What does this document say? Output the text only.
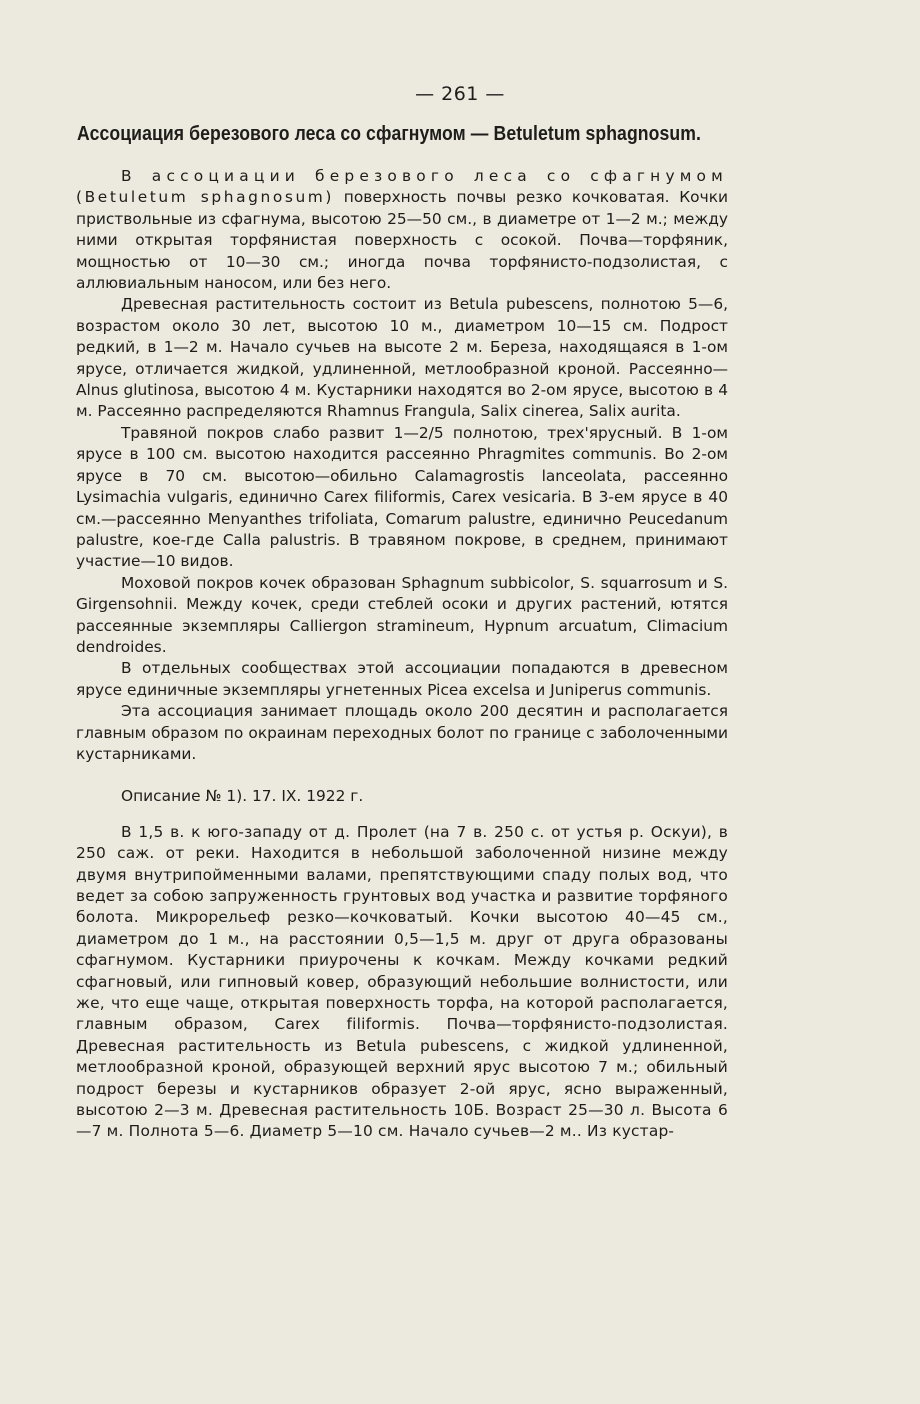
— 261 —
Ассоциация березового леса со сфагнумом — Betuletum sphagnosum.

В ассоциации березового леса со сфагнумом (Betuletum sphagnosum) поверхность почвы резко кочковатая. Кочки приствольные из сфагнума, высотою 25—50 см., в диаметре от 1—2 м.; между ними открытая торфянистая поверхность с осокой. Почва—торфяник, мощностью от 10—30 см.; иногда почва торфянисто-подзолистая, с аллювиальным наносом, или без него.

Древесная растительность состоит из Betula pubescens, полнотою 5—6, возрастом около 30 лет, высотою 10 м., диаметром 10—15 см. Подрост редкий, в 1—2 м. Начало сучьев на высоте 2 м. Береза, находящаяся в 1-ом ярусе, отличается жидкой, удлиненной, метлообразной кроной. Рассеянно—Alnus glutinosa, высотою 4 м. Кустарники находятся во 2-ом ярусе, высотою в 4 м. Рассеянно распределяются Rhamnus Frangula, Salix cinerea, Salix aurita.

Травяной покров слабо развит 1—2/5 полнотою, трех'ярусный. В 1-ом ярусе в 100 см. высотою находится рассеянно Phragmites communis. Во 2-ом ярусе в 70 см. высотою—обильно Calamagrostis lanceolata, рассеянно Lysimachia vulgaris, единично Carex filiformis, Carex vesicaria. В 3-ем ярусе в 40 см.—рассеянно Menyanthes trifoliata, Comarum palustre, единично Peucedanum palustre, кое-где Calla palustris. В травяном покрове, в среднем, принимают участие—10 видов.

Моховой покров кочек образован Sphagnum subbicolor, S. squarrosum и S. Girgensohnii. Между кочек, среди стеблей осоки и других растений, ютятся рассеянные экземпляры Calliergon stramineum, Hypnum arcuatum, Climacium dendroides.

В отдельных сообществах этой ассоциации попадаются в древесном ярусе единичные экземпляры угнетенных Picea excelsa и Juniperus communis.

Эта ассоциация занимает площадь около 200 десятин и располагается главным образом по окраинам переходных болот по границе с заболоченными кустарниками.

Описание № 1). 17. IX. 1922 г.

В 1,5 в. к юго-западу от д. Пролет (на 7 в. 250 с. от устья р. Оскуи), в 250 саж. от реки. Находится в небольшой заболоченной низине между двумя внутрипойменными валами, препятствующими спаду полых вод, что ведет за собою запруженность грунтовых вод участка и развитие торфяного болота. Микрорельеф резко—кочковатый. Кочки высотою 40—45 см., диаметром до 1 м., на расстоянии 0,5—1,5 м. друг от друга образованы сфагнумом. Кустарники приурочены к кочкам. Между кочками редкий сфагновый, или гипновый ковер, образующий небольшие волнистости, или же, что еще чаще, открытая поверхность торфа, на которой располагается, главным образом, Carex filiformis. Почва—торфянисто-подзолистая. Древесная растительность из Betula pubescens, с жидкой удлиненной, метлообразной кроной, образующей верхний ярус высотою 7 м.; обильный подрост березы и кустарников образует 2-ой ярус, ясно выраженный, высотою 2—3 м. Древесная растительность 10Б. Возраст 25—30 л. Высота 6—7 м. Полнота 5—6. Диаметр 5—10 см. Начало сучьев—2 м.. Из кустар-
